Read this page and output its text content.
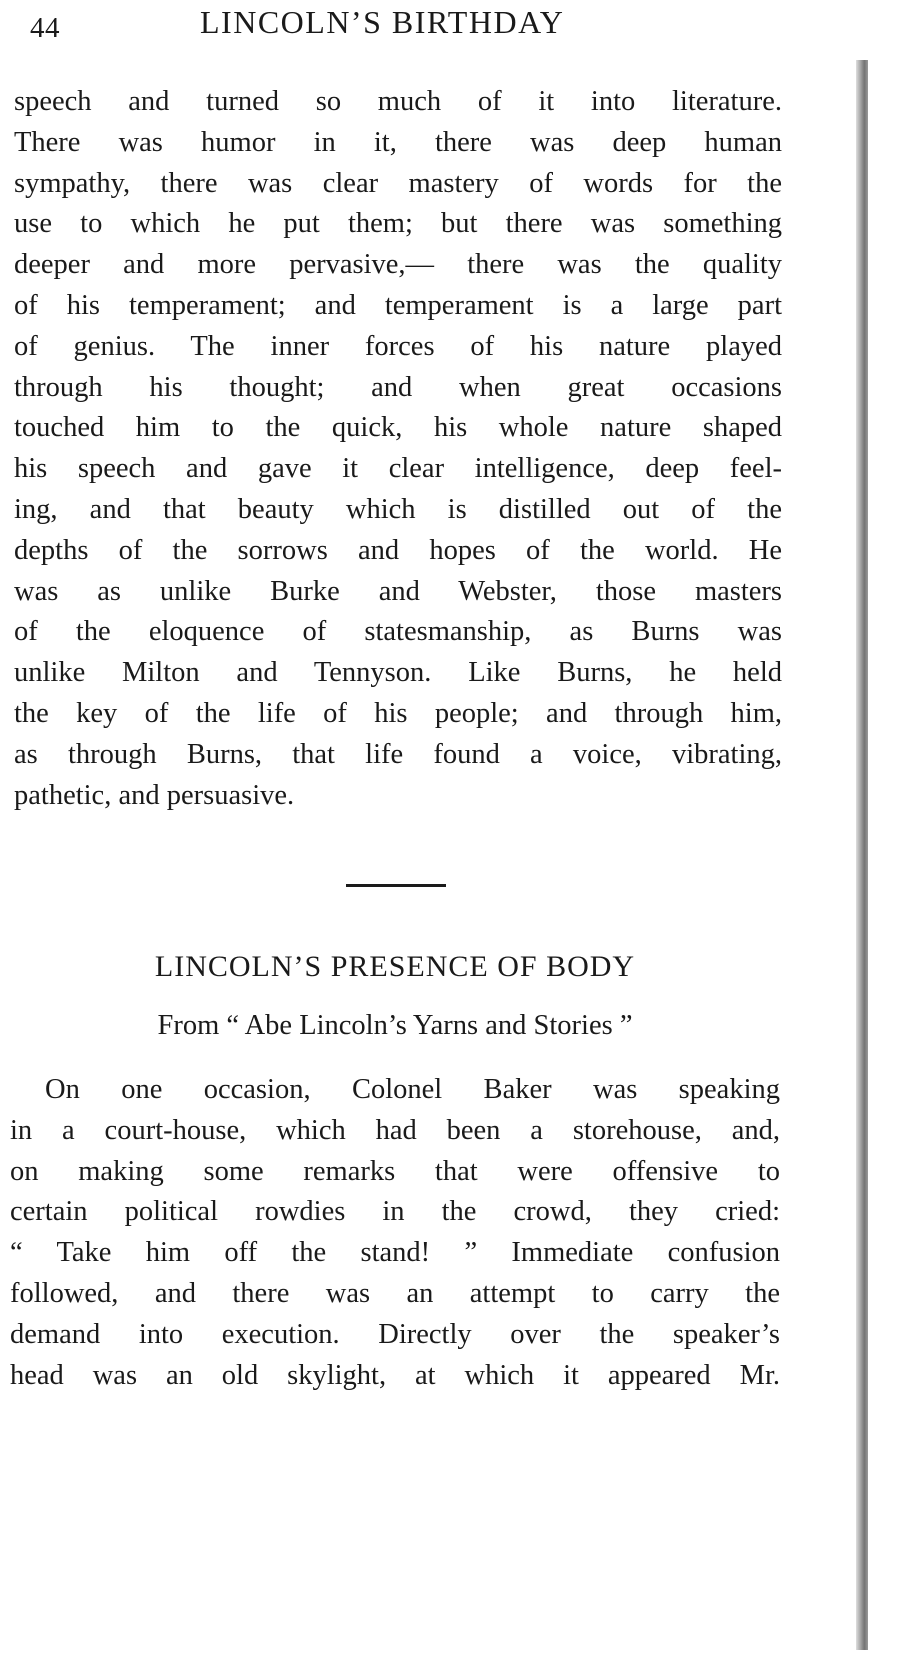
44	LINCOLN’S BIRTHDAY
speech and turned so much of it into literature.
There was humor in it, there was deep human
sympathy, there was clear mastery of words for the
use to which he put them; but there was something
deeper and more pervasive,— there was the quality
of his temperament; and temperament is a large part
of genius. The inner forces of his nature played
through his thought; and when great occasions
touched him to the quick, his whole nature shaped
his speech and gave it clear intelligence, deep feel-
ing, and that beauty which is distilled out of the
depths of the sorrows and hopes of the world. He
was as unlike Burke and Webster, those masters
of the eloquence of statesmanship, as Burns was
unlike Milton and Tennyson. Like Burns, he held
the key of the life of his people; and through him,
as through Burns, that life found a voice, vibrating,
pathetic, and persuasive.
LINCOLN’S PRESENCE OF BODY
From “ Abe Lincoln’s Yarns and Stories ”
On one occasion, Colonel Baker was speaking
in a court-house, which had been a storehouse, and,
on making some remarks that were offensive to
certain political rowdies in the crowd, they cried:
“ Take him off the stand! ” Immediate confusion
followed, and there was an attempt to carry the
demand into execution. Directly over the speaker’s
head was an old skylight, at which it appeared Mr.
